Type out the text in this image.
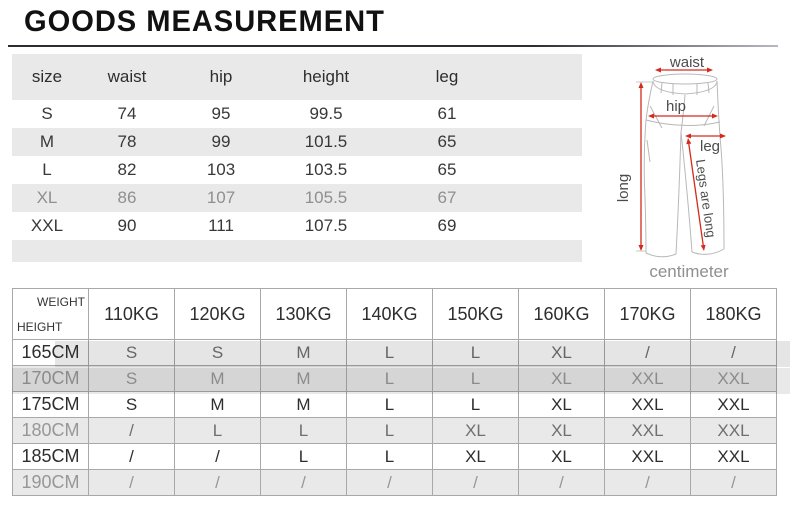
GOODS MEASUREMENT
size	waist	hip	height	leg
S	74	95	99.5	61
M	78	99	101.5	65
L	82	103	103.5	65
XL	86	107	105.5	67
XXL	90	111	107.5	69
waist
hip
leg
long	Legs are long
centimeter
WEIGHT
HEIGHT	110KG	120KG	130KG	140KG	150KG	160KG	170KG	180KG
165CM	S	S	M	L	L	XL	/	/
170CM	S	M	M	L	L	XL	XXL	XXL
175CM	S	M	M	L	L	XL	XXL	XXL
180CM	/	L	L	L	XL	XL	XXL	XXL
185CM	/	/	L	L	XL	XL	XXL	XXL
190CM	/	/	/	/	/	/	/	/
